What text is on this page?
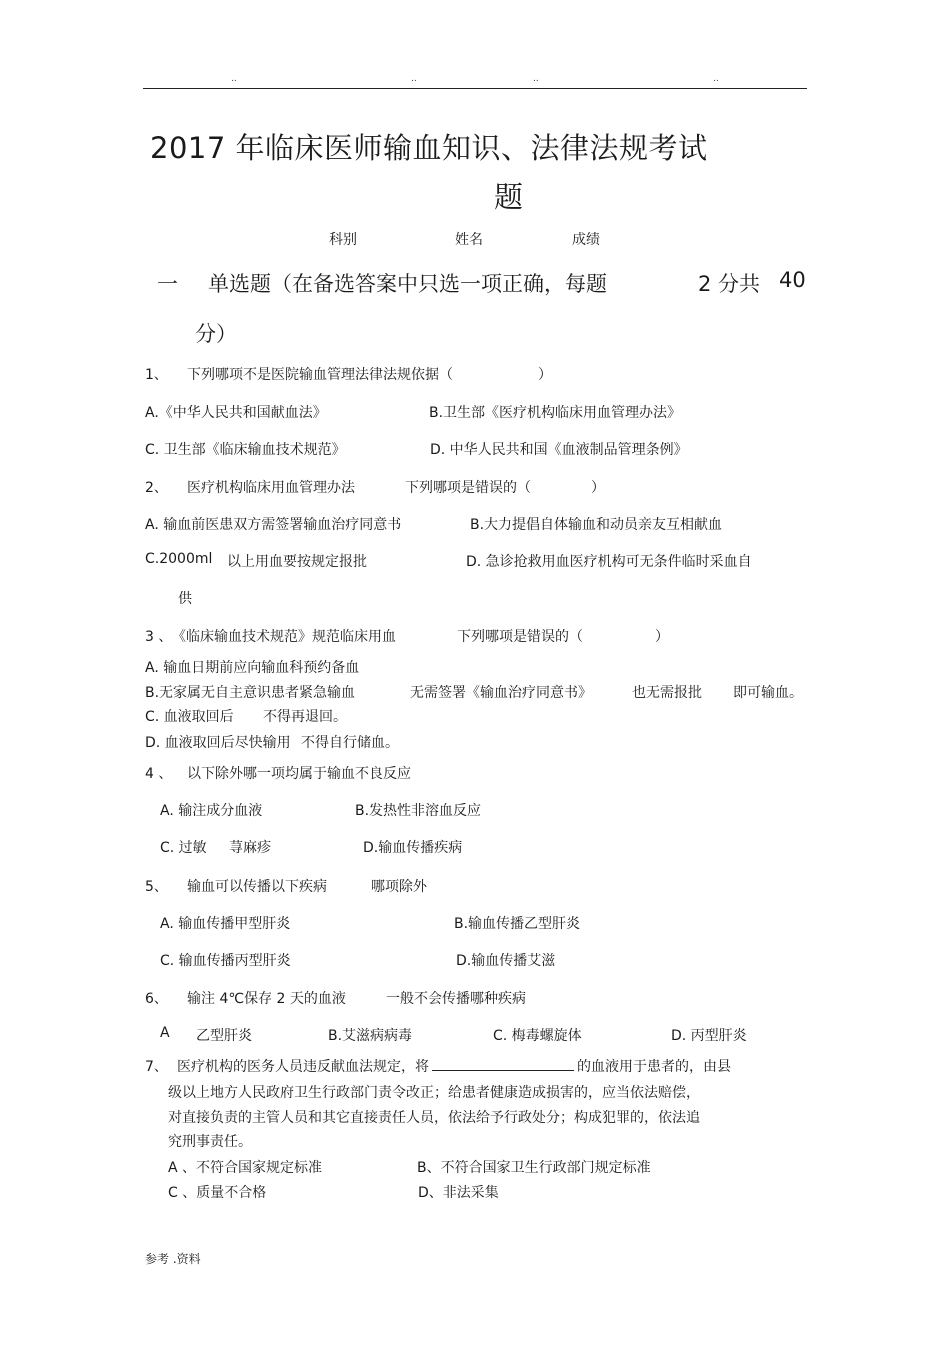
..	..	..	..
2017 年临床医师输血知识、法律法规考试
题
科别	姓名	成绩
一 单选题（在备选答案中只选一项正确，每题	2 分共 40
分）
1、 下列哪项不是医院输血管理法律法规依据（	）
A.《中华人民共和国献血法》	B.卫生部《医疗机构临床用血管理办法》
C. 卫生部《临床输血技术规范》	D. 中华人民共和国《血液制品管理条例》
2、 医疗机构临床用血管理办法	下列哪项是错误的（	）
A. 输血前医患双方需签署输血治疗同意书	B.大力提倡自体输血和动员亲友互相献血
C.2000ml 以上用血要按规定报批	D. 急诊抢救用血医疗机构可无条件临时采血自
供
3 、 《临床输血技术规范》规范临床用血	下列哪项是错误的（	）
A. 输血日期前应向输血科预约备血
B.无家属无自主意识患者紧急输血	无需签署《输血治疗同意书》	也无需报批 即可输血。
C. 血液取回后 不得再退回。
D. 血液取回后尽快输用 不得自行储血。
4 、 以下除外哪一项均属于输血不良反应
A. 输注成分血液	B.发热性非溶血反应
C. 过敏 荨麻疹	D.输血传播疾病
5、 输血可以传播以下疾病	哪项除外
A. 输血传播甲型肝炎	B.输血传播乙型肝炎
C. 输血传播丙型肝炎	D.输血传播艾滋
6、 输注 4℃保存 2 天的血液	一般不会传播哪种疾病
A 乙型肝炎	B.艾滋病病毒	C. 梅毒螺旋体	D. 丙型肝炎
7、 医疗机构的医务人员违反献血法规定，将	的血液用于患者的，由县
级以上地方人民政府卫生行政部门责令改正；给患者健康造成损害的，应当依法赔偿，
对直接负责的主管人员和其它直接责任人员，依法给予行政处分；构成犯罪的，依法追
究刑事责任。
A 、不符合国家规定标准	B、不符合国家卫生行政部门规定标准
C 、质量不合格	D、非法采集
参考 .资料
